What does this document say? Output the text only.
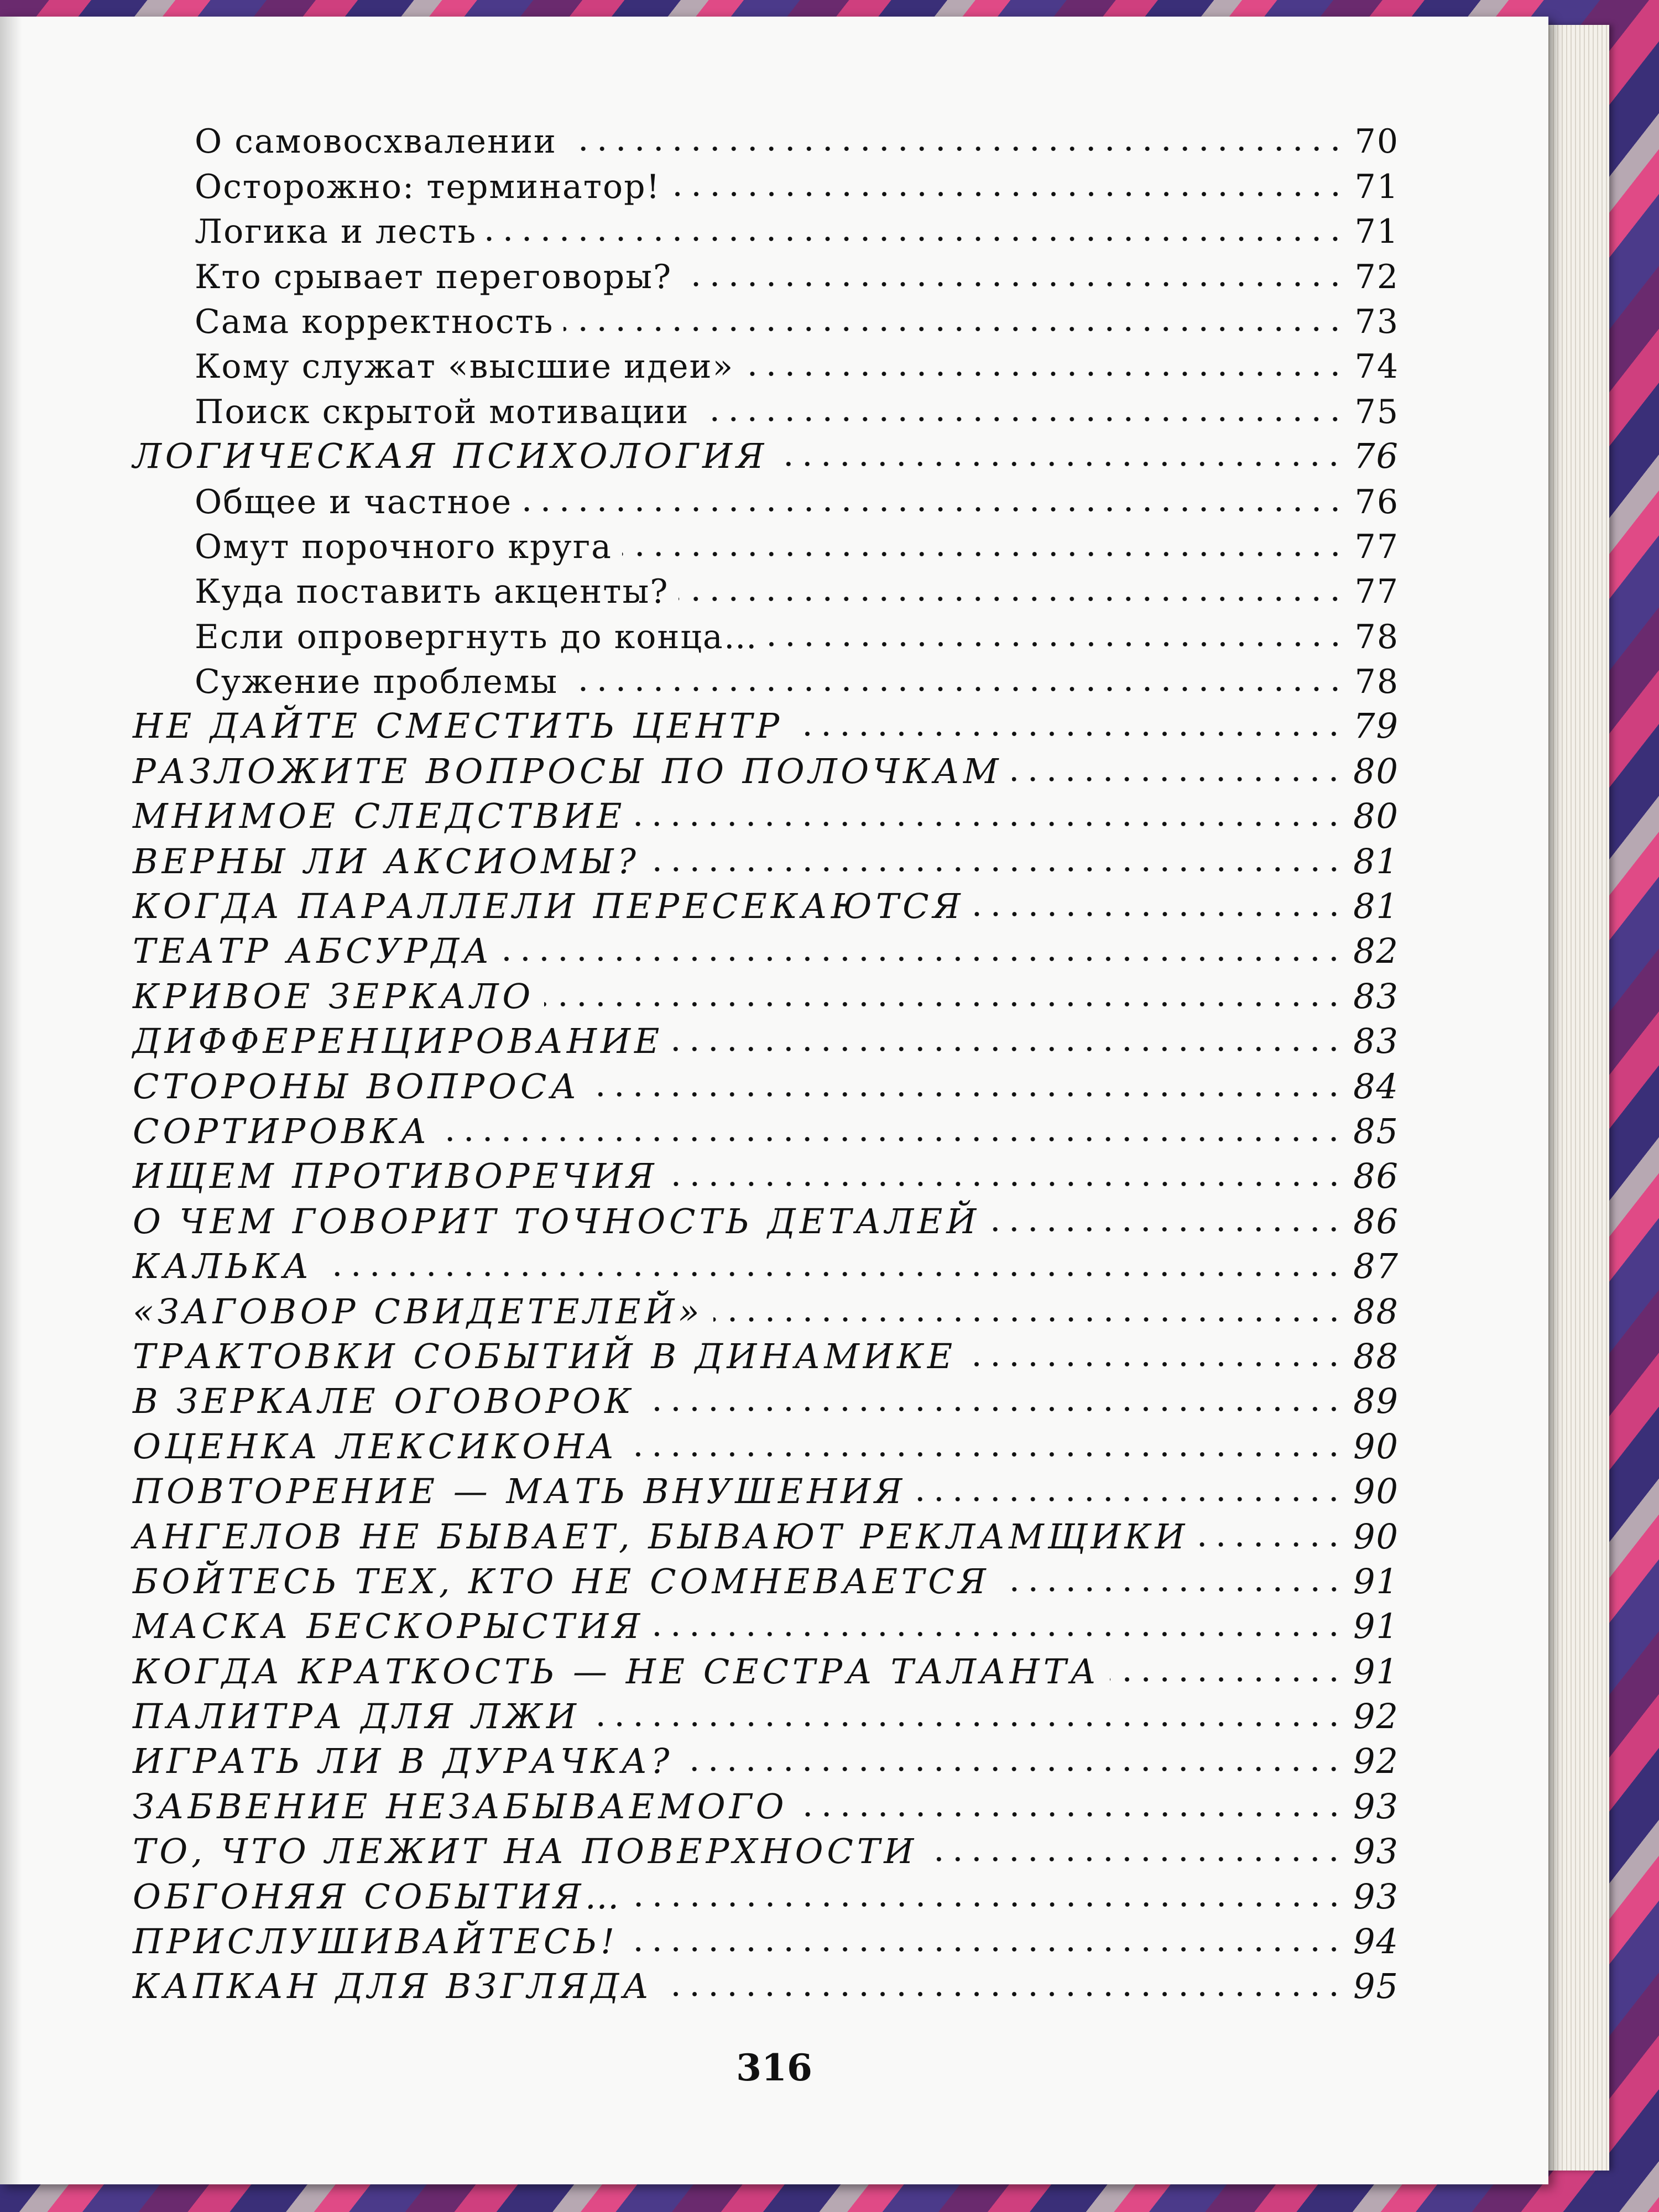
О самовосхвалении	70
Осторожно: терминатор!	71
Логика и лесть	71
Кто срывает переговоры?	72
Сама корректность	73
Кому служат «высшие идеи»	74
Поиск скрытой мотивации	75
ЛОГИЧЕСКАЯ ПСИХОЛОГИЯ	76
Общее и частное	76
Омут порочного круга	77
Куда поставить акценты?	77
Если опровергнуть до конца…	78
Сужение проблемы	78
НЕ ДАЙТЕ СМЕСТИТЬ ЦЕНТР	79
РАЗЛОЖИТЕ ВОПРОСЫ ПО ПОЛОЧКАМ	80
МНИМОЕ СЛЕДСТВИЕ	80
ВЕРНЫ ЛИ АКСИОМЫ?	81
КОГДА ПАРАЛЛЕЛИ ПЕРЕСЕКАЮТСЯ	81
ТЕАТР АБСУРДА	82
КРИВОЕ ЗЕРКАЛО	83
ДИФФЕРЕНЦИРОВАНИЕ	83
СТОРОНЫ ВОПРОСА	84
СОРТИРОВКА	85
ИЩЕМ ПРОТИВОРЕЧИЯ	86
О ЧЕМ ГОВОРИТ ТОЧНОСТЬ ДЕТАЛЕЙ	86
КАЛЬКА	87
«ЗАГОВОР СВИДЕТЕЛЕЙ»	88
ТРАКТОВКИ СОБЫТИЙ В ДИНАМИКЕ	88
В ЗЕРКАЛЕ ОГОВОРОК	89
ОЦЕНКА ЛЕКСИКОНА	90
ПОВТОРЕНИЕ — МАТЬ ВНУШЕНИЯ	90
АНГЕЛОВ НЕ БЫВАЕТ, БЫВАЮТ РЕКЛАМЩИКИ	90
БОЙТЕСЬ ТЕХ, КТО НЕ СОМНЕВАЕТСЯ	91
МАСКА БЕСКОРЫСТИЯ	91
КОГДА КРАТКОСТЬ — НЕ СЕСТРА ТАЛАНТА	91
ПАЛИТРА ДЛЯ ЛЖИ	92
ИГРАТЬ ЛИ В ДУРАЧКА?	92
ЗАБВЕНИЕ НЕЗАБЫВАЕМОГО	93
ТО, ЧТО ЛЕЖИТ НА ПОВЕРХНОСТИ	93
ОБГОНЯЯ СОБЫТИЯ…	93
ПРИСЛУШИВАЙТЕСЬ!	94
КАПКАН ДЛЯ ВЗГЛЯДА	95
316
